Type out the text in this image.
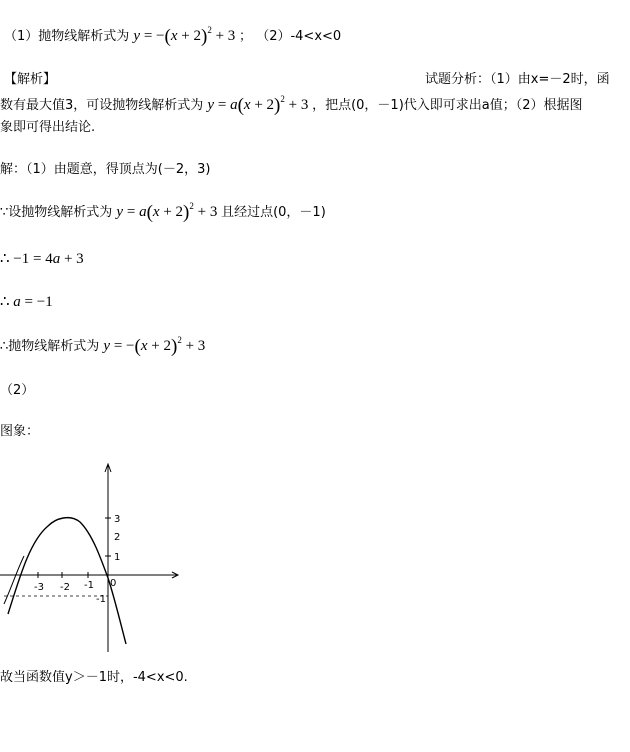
（1）抛物线解析式为 $y = -(x + 2)^2 + 3$ ； （2）-4<x<0
【解析】	试题分析：（1）由x=－2时，函
数有最大值3，可设抛物线解析式为 $y = a(x + 2)^2 + 3$ ，把点(0，－1)代入即可求出a值；（2）根据图
象即可得出结论.
解：（1）由题意，得顶点为(－2，3)
∵设抛物线解析式为 $y = a(x + 2)^2 + 3$ 且经过点(0，－1)
∴ −1 = 4a + 3
∴ a = −1
∴抛物线解析式为 $y = -(x + 2)^2 + 3$
（2）
图象：
-3 -2 -1 0
3
2
1
-1
故当函数值y＞－1时，-4<x<0.
